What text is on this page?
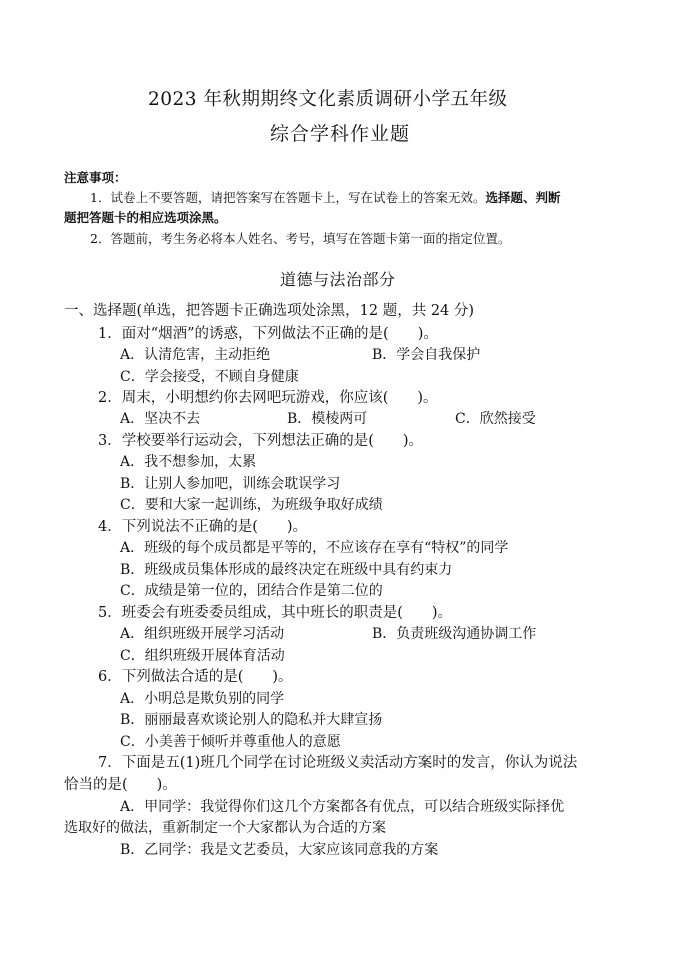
2023 年秋期期终文化素质调研小学五年级
综合学科作业题
注意事项：
1．试卷上不要答题，请把答案写在答题卡上，写在试卷上的答案无效。选择题、判断
题把答题卡的相应选项涂黑。
2．答题前，考生务必将本人姓名、考号，填写在答题卡第一面的指定位置。
道德与法治部分
一、选择题(单选，把答题卡正确选项处涂黑，12 题，共 24 分)
1．面对“烟酒”的诱惑，下列做法不正确的是(　　)。
A．认清危害，主动拒绝	B．学会自我保护
C．学会接受，不顾自身健康
2．周末，小明想约你去网吧玩游戏，你应该(　　)。
A．坚决不去	B．模棱两可	C．欣然接受
3．学校要举行运动会，下列想法正确的是(　　)。
A．我不想参加，太累
B．让别人参加吧，训练会耽误学习
C．要和大家一起训练，为班级争取好成绩
4．下列说法不正确的是(　　)。
A．班级的每个成员都是平等的，不应该存在享有“特权”的同学
B．班级成员集体形成的最终决定在班级中具有约束力
C．成绩是第一位的，团结合作是第二位的
5．班委会有班委委员组成，其中班长的职责是(　　)。
A．组织班级开展学习活动	B．负责班级沟通协调工作
C．组织班级开展体育活动
6．下列做法合适的是(　　)。
A．小明总是欺负别的同学
B．丽丽最喜欢谈论别人的隐私并大肆宣扬
C．小美善于倾听并尊重他人的意愿
7．下面是五(1)班几个同学在讨论班级义卖活动方案时的发言，你认为说法
恰当的是(　　)。
A．甲同学：我觉得你们这几个方案都各有优点，可以结合班级实际择优
选取好的做法，重新制定一个大家都认为合适的方案
B．乙同学：我是文艺委员，大家应该同意我的方案
